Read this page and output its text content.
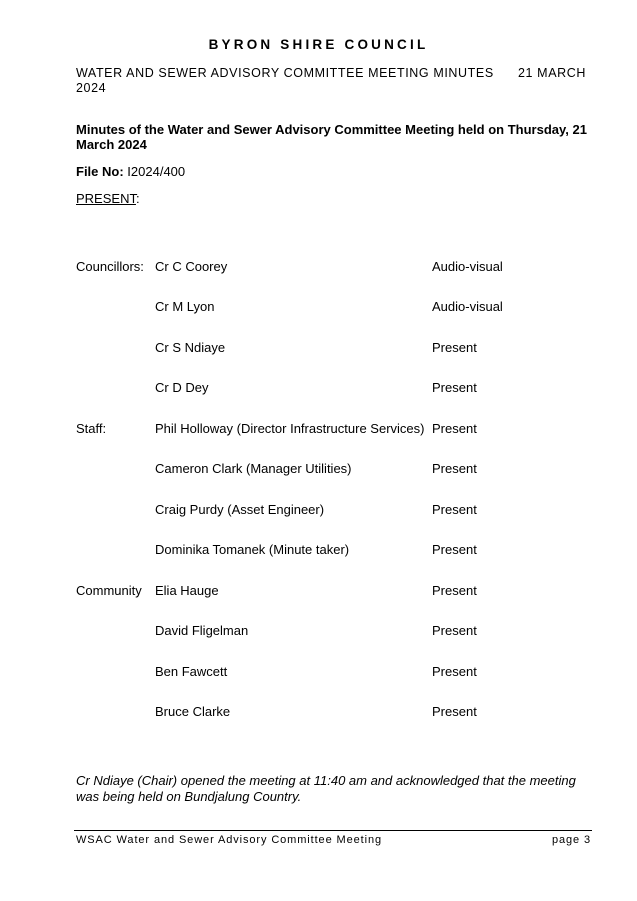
BYRON SHIRE COUNCIL
WATER AND SEWER ADVISORY COMMITTEE MEETING MINUTES	21 MARCH
2024
Minutes of the Water and Sewer Advisory Committee Meeting held on Thursday, 21 March 2024
File No: I2024/400
PRESENT:
Councillors: Cr C Coorey	Audio-visual
Cr M Lyon	Audio-visual
Cr S Ndiaye	Present
Cr D Dey	Present
Staff:	Phil Holloway (Director Infrastructure Services) Present
Cameron Clark (Manager Utilities)	Present
Craig Purdy (Asset Engineer)	Present
Dominika Tomanek (Minute taker)	Present
Community Elia Hauge	Present
David Fligelman	Present
Ben Fawcett	Present
Bruce Clarke	Present
Cr Ndiaye (Chair) opened the meeting at 11:40 am and acknowledged that the meeting was being held on Bundjalung Country.
WSAC Water and Sewer Advisory Committee Meeting	page 3
